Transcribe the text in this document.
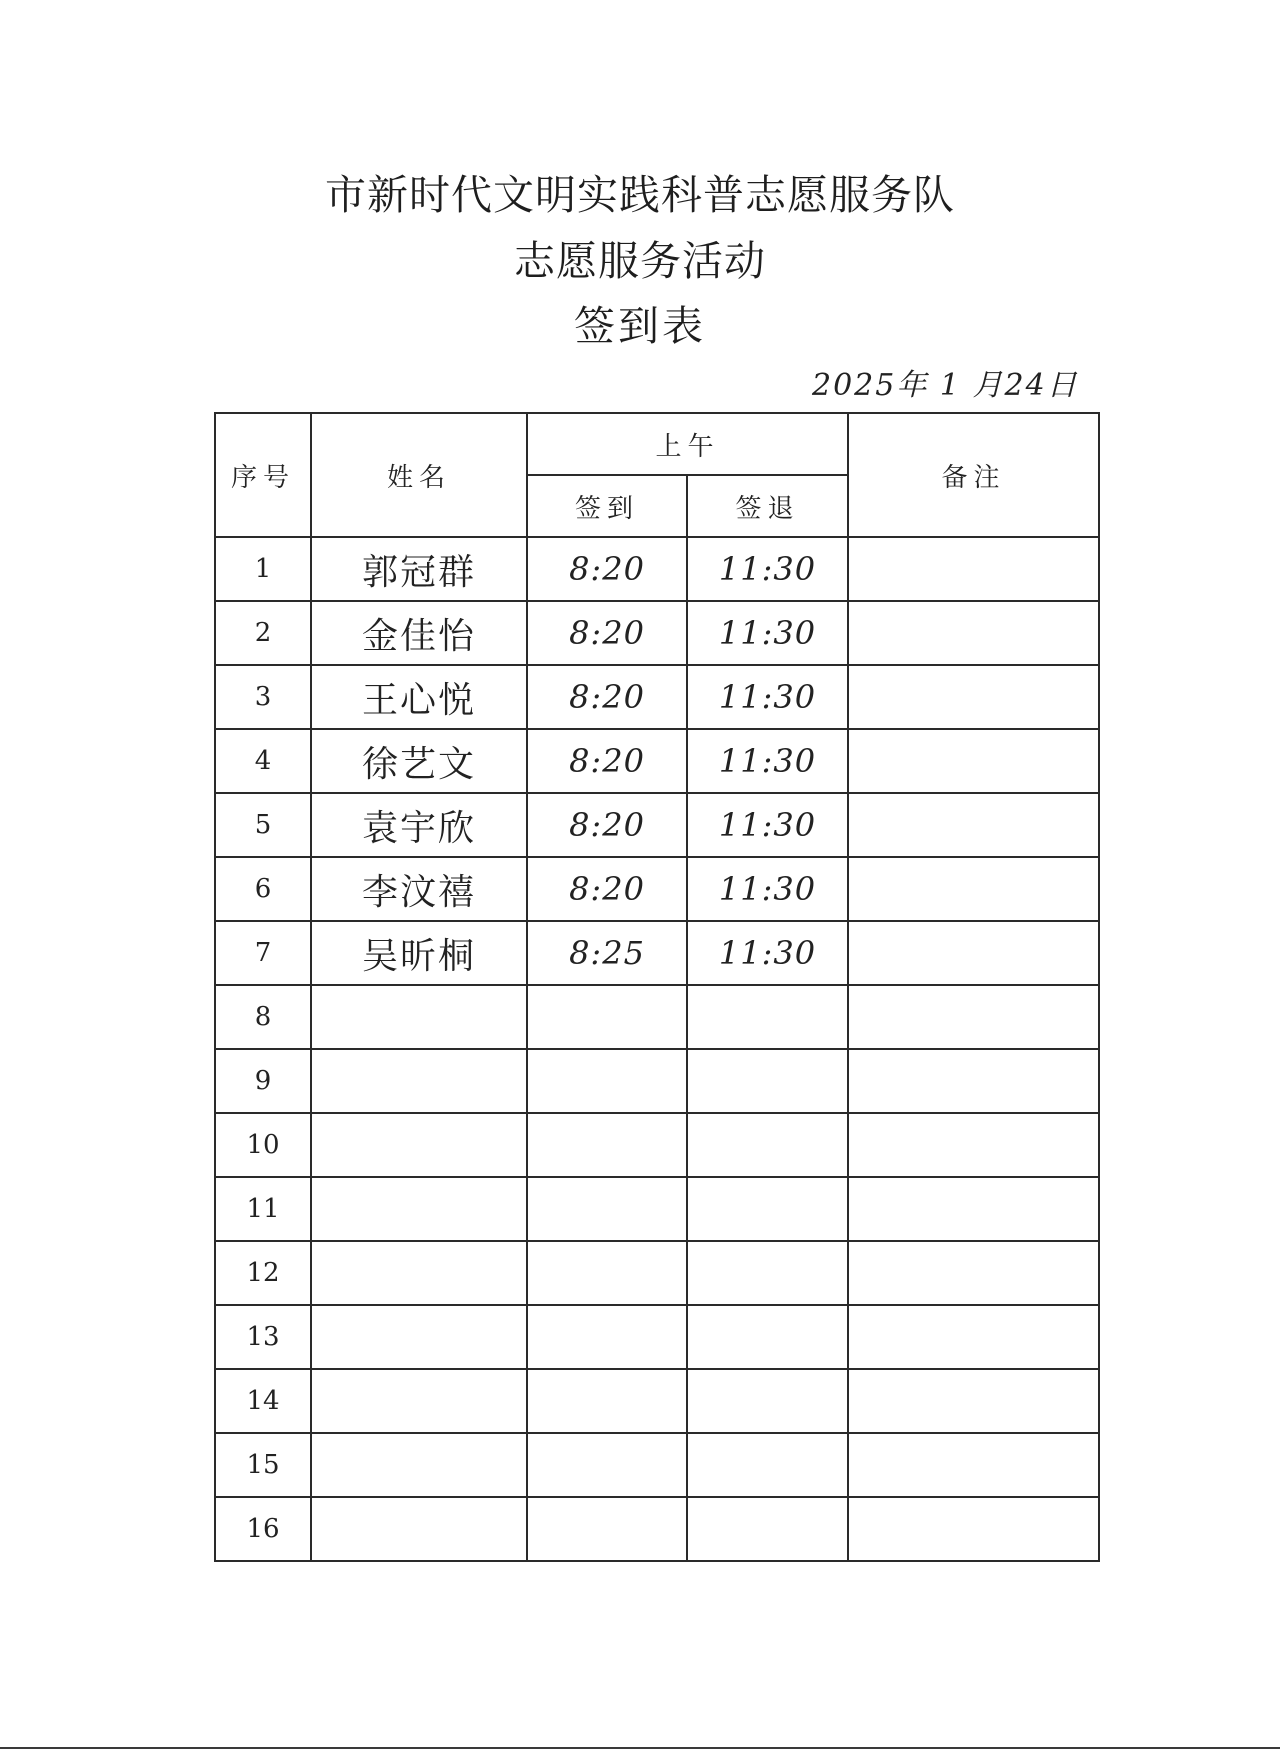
市新时代文明实践科普志愿服务队
志愿服务活动
签到表
2025年 1 月24日
序号	姓名	上午		备注
		签到	签退	
1	郭冠群	8:20	11:30	
2	金佳怡	8:20	11:30	
3	王心悦	8:20	11:30	
4	徐艺文	8:20	11:30	
5	袁宇欣	8:20	11:30	
6	李汶禧	8:20	11:30	
7	吴昕桐	8:25	11:30	
8				
9				
10				
11				
12				
13				
14				
15				
16				
